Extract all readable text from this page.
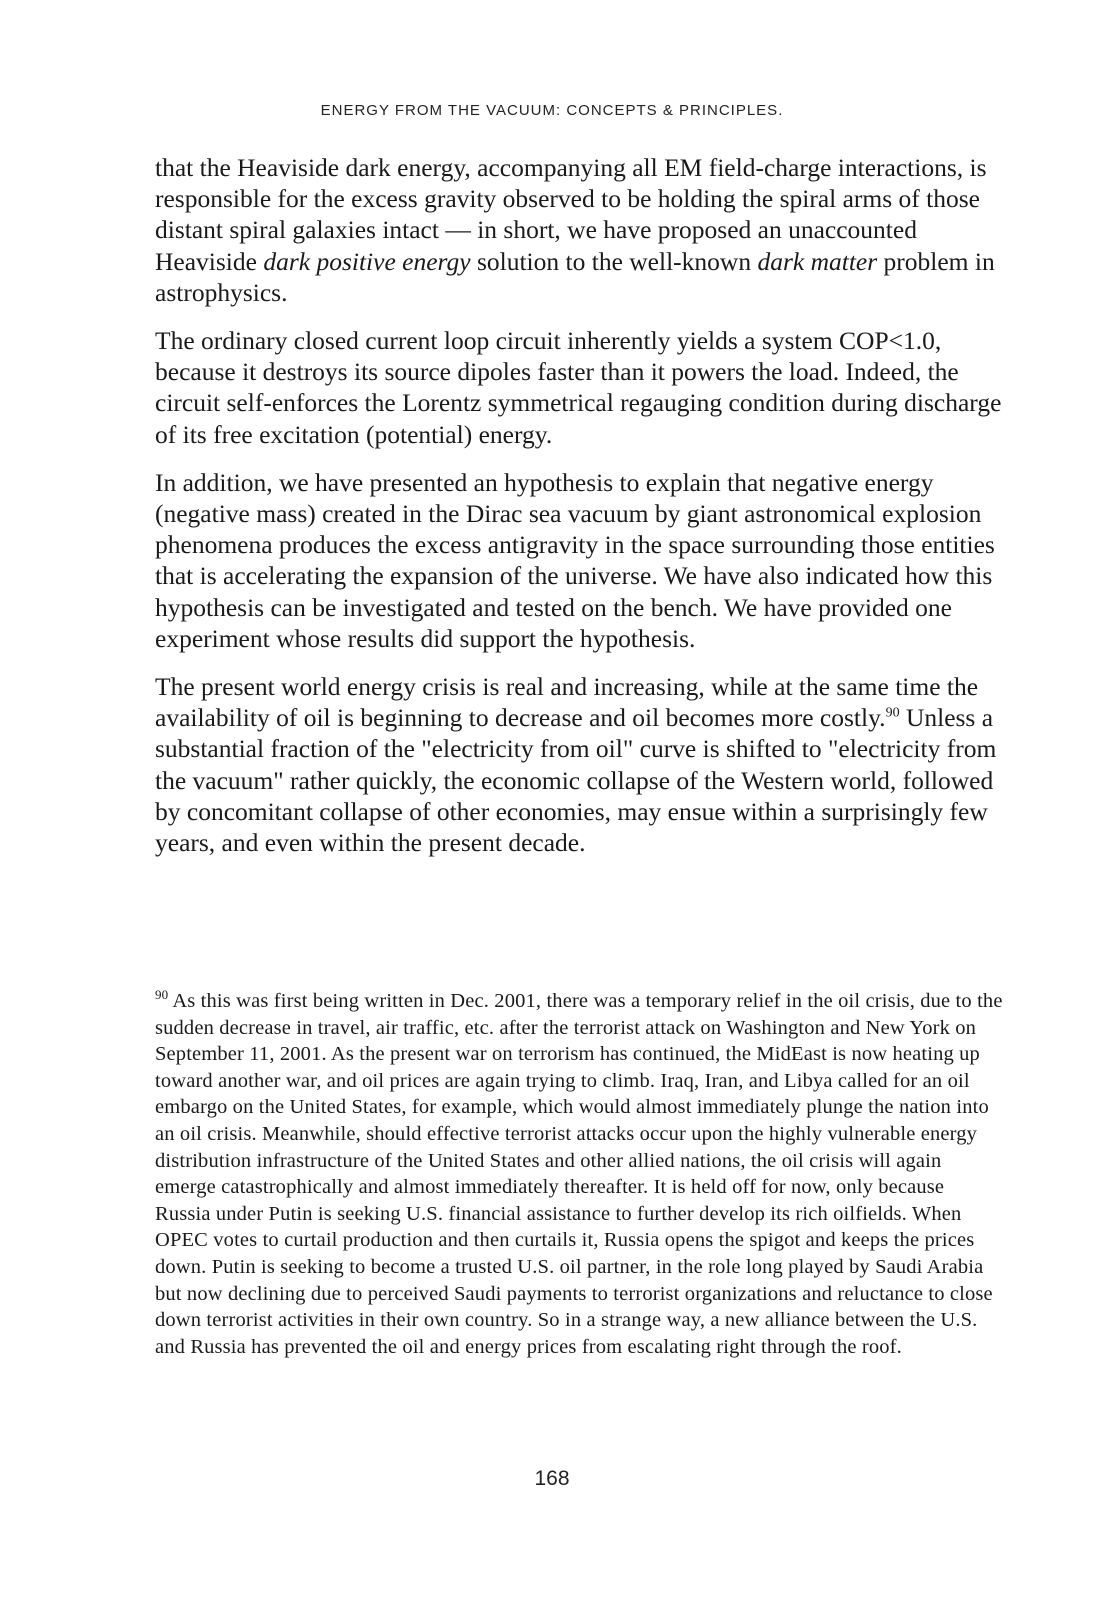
ENERGY FROM THE VACUUM: CONCEPTS & PRINCIPLES.

that the Heaviside dark energy, accompanying all EM field-charge interactions, is responsible for the excess gravity observed to be holding the spiral arms of those distant spiral galaxies intact — in short, we have proposed an unaccounted Heaviside dark positive energy solution to the well-known dark matter problem in astrophysics.

The ordinary closed current loop circuit inherently yields a system COP<1.0, because it destroys its source dipoles faster than it powers the load. Indeed, the circuit self-enforces the Lorentz symmetrical regauging condition during discharge of its free excitation (potential) energy.

In addition, we have presented an hypothesis to explain that negative energy (negative mass) created in the Dirac sea vacuum by giant astronomical explosion phenomena produces the excess antigravity in the space surrounding those entities that is accelerating the expansion of the universe. We have also indicated how this hypothesis can be investigated and tested on the bench. We have provided one experiment whose results did support the hypothesis.

The present world energy crisis is real and increasing, while at the same time the availability of oil is beginning to decrease and oil becomes more costly.$^{90}$ Unless a substantial fraction of the "electricity from oil" curve is shifted to "electricity from the vacuum" rather quickly, the economic collapse of the Western world, followed by concomitant collapse of other economies, may ensue within a surprisingly few years, and even within the present decade.

$^{90}$ As this was first being written in Dec. 2001, there was a temporary relief in the oil crisis, due to the sudden decrease in travel, air traffic, etc. after the terrorist attack on Washington and New York on September 11, 2001. As the present war on terrorism has continued, the MidEast is now heating up toward another war, and oil prices are again trying to climb. Iraq, Iran, and Libya called for an oil embargo on the United States, for example, which would almost immediately plunge the nation into an oil crisis. Meanwhile, should effective terrorist attacks occur upon the highly vulnerable energy distribution infrastructure of the United States and other allied nations, the oil crisis will again emerge catastrophically and almost immediately thereafter. It is held off for now, only because Russia under Putin is seeking U.S. financial assistance to further develop its rich oilfields. When OPEC votes to curtail production and then curtails it, Russia opens the spigot and keeps the prices down. Putin is seeking to become a trusted U.S. oil partner, in the role long played by Saudi Arabia but now declining due to perceived Saudi payments to terrorist organizations and reluctance to close down terrorist activities in their own country. So in a strange way, a new alliance between the U.S. and Russia has prevented the oil and energy prices from escalating right through the roof.

168
